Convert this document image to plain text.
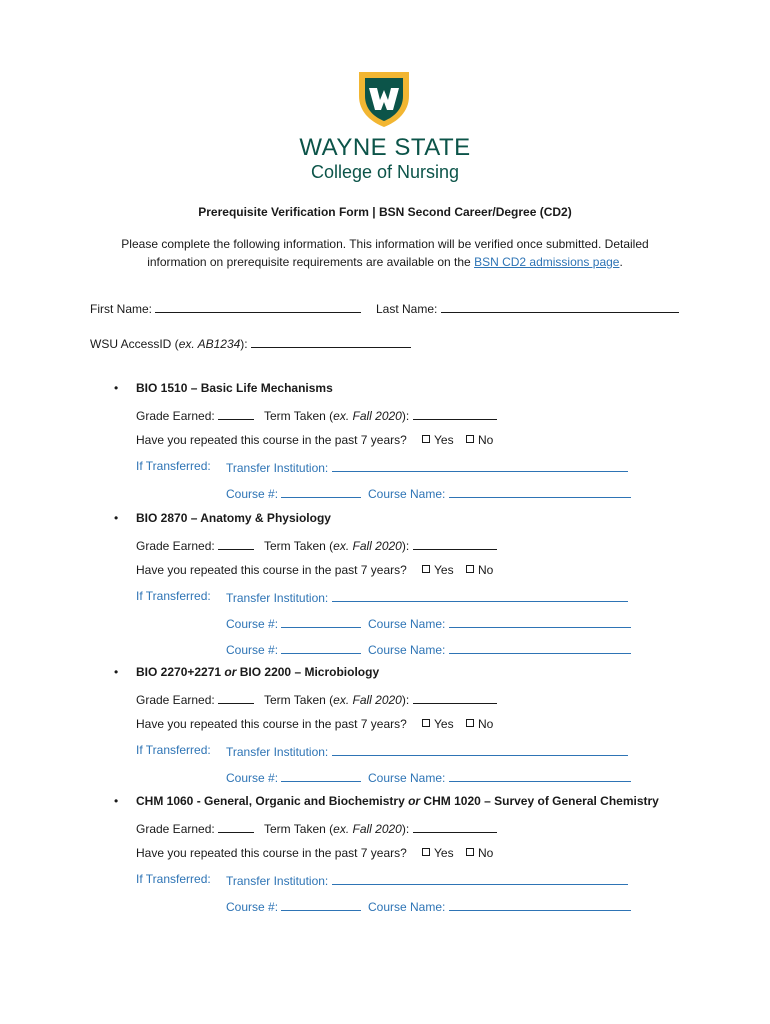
WAYNE STATE
College of Nursing
Prerequisite Verification Form | BSN Second Career/Degree (CD2)
Please complete the following information. This information will be verified once submitted. Detailed information on prerequisite requirements are available on the BSN CD2 admissions page.
First Name:	Last Name:
WSU AccessID (ex. AB1234):
• BIO 1510 – Basic Life Mechanisms
Grade Earned:	Term Taken (ex. Fall 2020):
Have you repeated this course in the past 7 years?	Yes	No
If Transferred: Transfer Institution:
Course #:	Course Name:
• BIO 2870 – Anatomy & Physiology
Grade Earned:	Term Taken (ex. Fall 2020):
Have you repeated this course in the past 7 years?	Yes	No
If Transferred: Transfer Institution:
Course #:	Course Name:
Course #:	Course Name:
• BIO 2270+2271 or BIO 2200 – Microbiology
Grade Earned:	Term Taken (ex. Fall 2020):
Have you repeated this course in the past 7 years?	Yes	No
If Transferred: Transfer Institution:
Course #:	Course Name:
• CHM 1060 - General, Organic and Biochemistry or CHM 1020 – Survey of General Chemistry
Grade Earned:	Term Taken (ex. Fall 2020):
Have you repeated this course in the past 7 years?	Yes	No
If Transferred: Transfer Institution:
Course #:	Course Name:
